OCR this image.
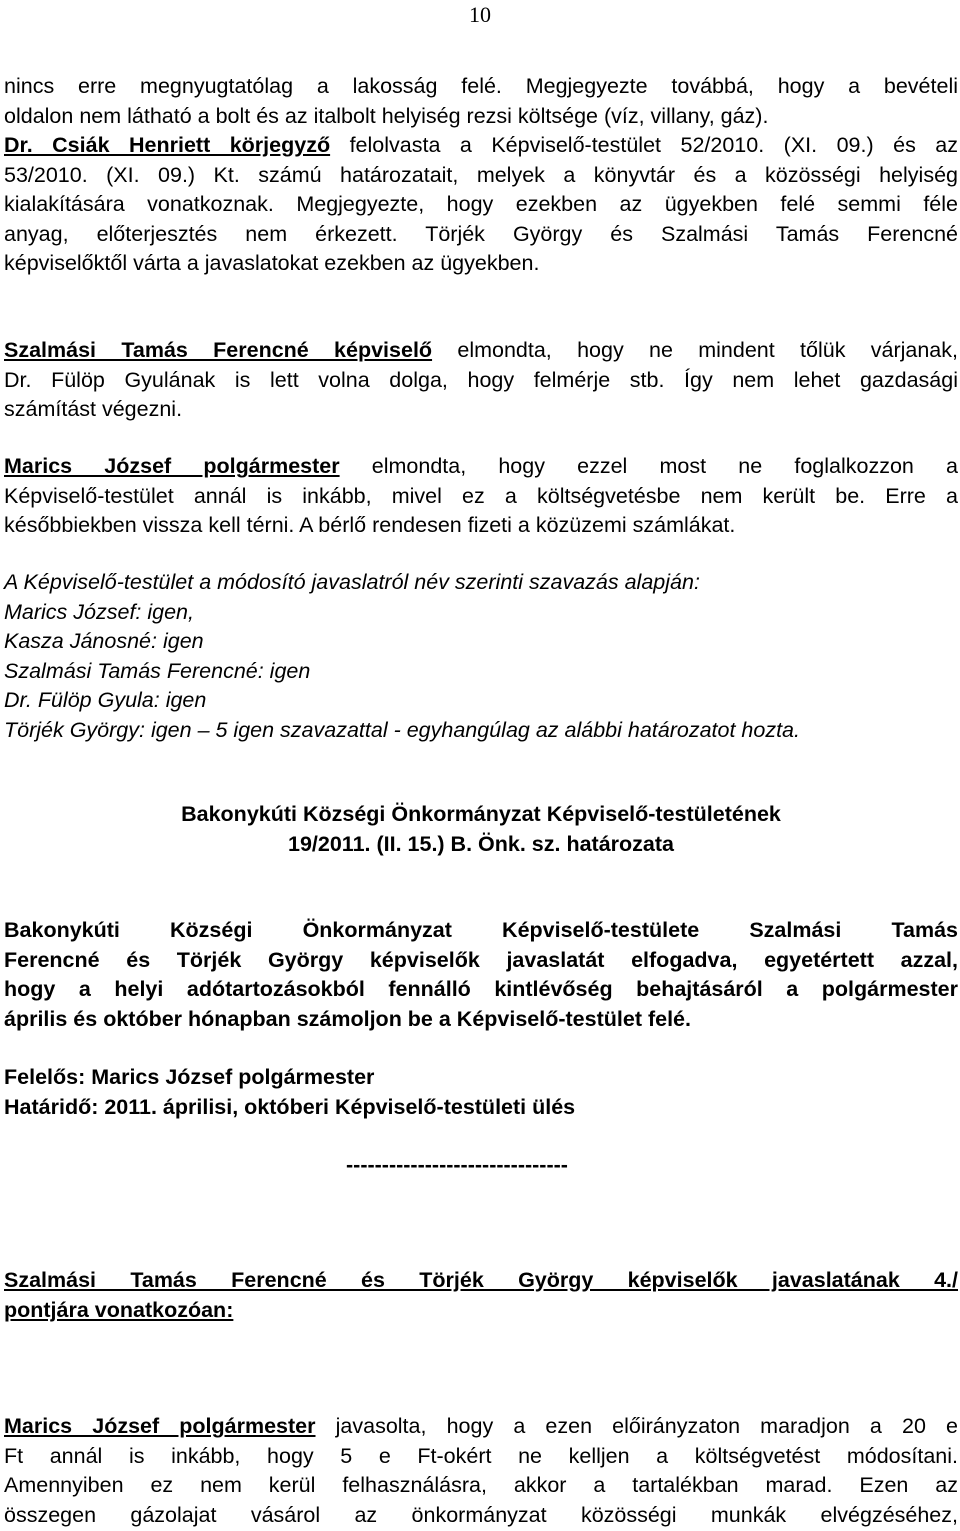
10
nincs erre megnyugtatólag a lakosság felé. Megjegyezte továbbá, hogy a bevételi
oldalon nem látható a bolt és az italbolt helyiség rezsi költsége (víz, villany, gáz).
Dr. Csiák Henriett körjegyző felolvasta a Képviselő-testület 52/2010. (XI. 09.) és az
53/2010. (XI. 09.) Kt. számú határozatait, melyek a könyvtár és a közösségi helyiség
kialakítására vonatkoznak. Megjegyezte, hogy ezekben az ügyekben felé semmi féle
anyag, előterjesztés nem érkezett. Törjék György és Szalmási Tamás Ferencné
képviselőktől várta a javaslatokat ezekben az ügyekben.
Szalmási Tamás Ferencné képviselő elmondta, hogy ne mindent tőlük várjanak,
Dr. Fülöp Gyulának is lett volna dolga, hogy felmérje stb. Így nem lehet gazdasági
számítást végezni.
Marics József polgármester elmondta, hogy ezzel most ne foglalkozzon a
Képviselő-testület annál is inkább, mivel ez a költségvetésbe nem került be. Erre a
későbbiekben vissza kell térni. A bérlő rendesen fizeti a közüzemi számlákat.
A Képviselő-testület a módosító javaslatról név szerinti szavazás alapján:
Marics József: igen,
Kasza Jánosné: igen
Szalmási Tamás Ferencné: igen
Dr. Fülöp Gyula: igen
Törjék György: igen – 5 igen szavazattal - egyhangúlag az alábbi határozatot hozta.
Bakonykúti Községi Önkormányzat Képviselő-testületének
19/2011. (II. 15.) B. Önk. sz. határozata
Bakonykúti Községi Önkormányzat Képviselő-testülete Szalmási Tamás
Ferencné és Törjék György képviselők javaslatát elfogadva, egyetértett azzal,
hogy a helyi adótartozásokból fennálló kintlévőség behajtásáról a polgármester
április és október hónapban számoljon be a Képviselő-testület felé.
Felelős: Marics József polgármester
Határidő: 2011. áprilisi, októberi Képviselő-testületi ülés
-------------------------------
Szalmási Tamás Ferencné és Törjék György képviselők javaslatának 4./
pontjára vonatkozóan:
Marics József polgármester javasolta, hogy a ezen előirányzaton maradjon a 20 e
Ft annál is inkább, hogy 5 e Ft-okért ne kelljen a költségvetést módosítani.
Amennyiben ez nem kerül felhasználásra, akkor a tartalékban marad. Ezen az
összegen gázolajat vásárol az önkormányzat közösségi munkák elvégzéséhez,
